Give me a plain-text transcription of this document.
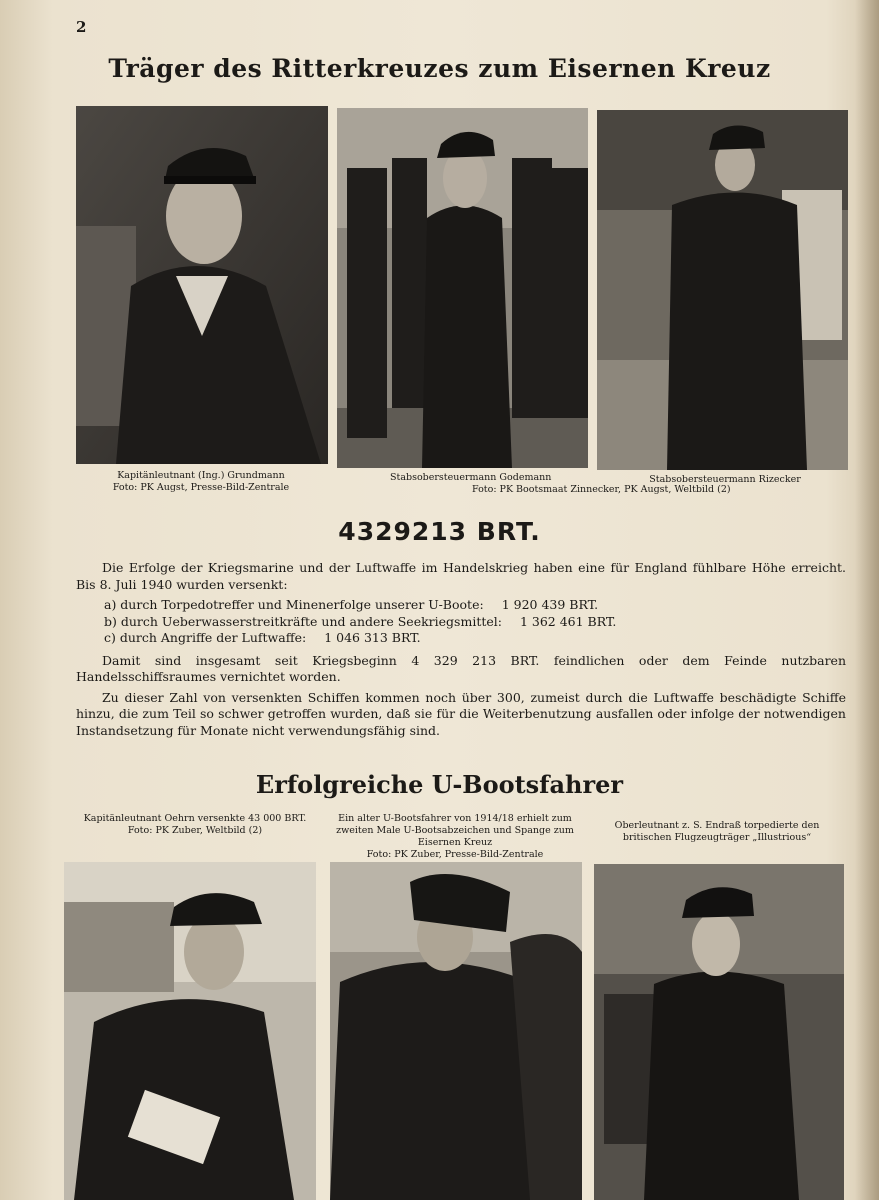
2
Träger des Ritterkreuzes zum Eisernen Kreuz
Kapitänleutnant (Ing.) Grundmann
Foto: PK Augst, Presse-Bild-Zentrale
Stabsobersteuermann Godemann
Foto: PK Bootsmaat Zinnecker, PK Augst, Weltbild (2)
Stabsobersteuermann Rizecker
4329213 BRT.

Die Erfolge der Kriegsmarine und der Luftwaffe im Handelskrieg haben eine für England fühlbare Höhe erreicht. Bis 8. Juli 1940 wurden versenkt:

a) durch Torpedotreffer und Minenerfolge unserer U-Boote: 1 920 439 BRT.
b) durch Ueberwasserstreitkräfte und andere Seekriegsmittel: 1 362 461 BRT.
c) durch Angriffe der Luftwaffe: 1 046 313 BRT.

Damit sind insgesamt seit Kriegsbeginn 4 329 213 BRT. feindlichen oder dem Feinde nutzbaren Handelsschiffsraumes vernichtet worden.

Zu dieser Zahl von versenkten Schiffen kommen noch über 300, zumeist durch die Luftwaffe beschädigte Schiffe hinzu, die zum Teil so schwer getroffen wurden, daß sie für die Weiterbenutzung ausfallen oder infolge der notwendigen Instandsetzung für Monate nicht verwendungsfähig sind.

Erfolgreiche U-Bootsfahrer
Kapitänleutnant Oehrn versenkte 43 000 BRT.
Foto: PK Zuber, Weltbild (2)
Ein alter U-Bootsfahrer von 1914/18 erhielt zum zweiten Male U-Bootsabzeichen und Spange zum Eisernen Kreuz
Foto: PK Zuber, Presse-Bild-Zentrale
Oberleutnant z. S. Endraß torpedierte den britischen Flugzeugträger „Illustrious“
